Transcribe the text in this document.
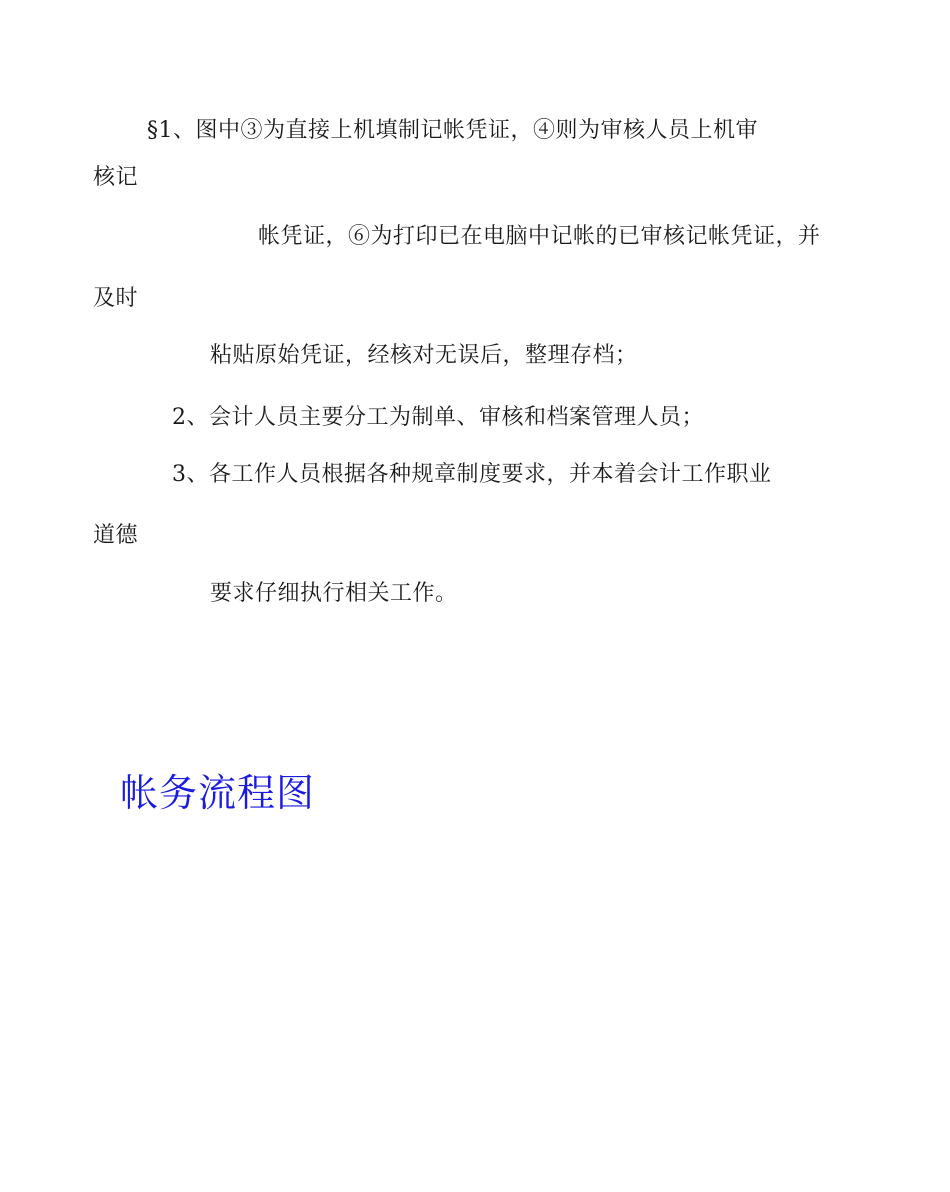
§1、图中③为直接上机填制记帐凭证，④则为审核人员上机审
核记
帐凭证，⑥为打印已在电脑中记帐的已审核记帐凭证，并
及时
粘贴原始凭证，经核对无误后，整理存档；
2、会计人员主要分工为制单、审核和档案管理人员；
3、各工作人员根据各种规章制度要求，并本着会计工作职业
道德
要求仔细执行相关工作。
帐务流程图
